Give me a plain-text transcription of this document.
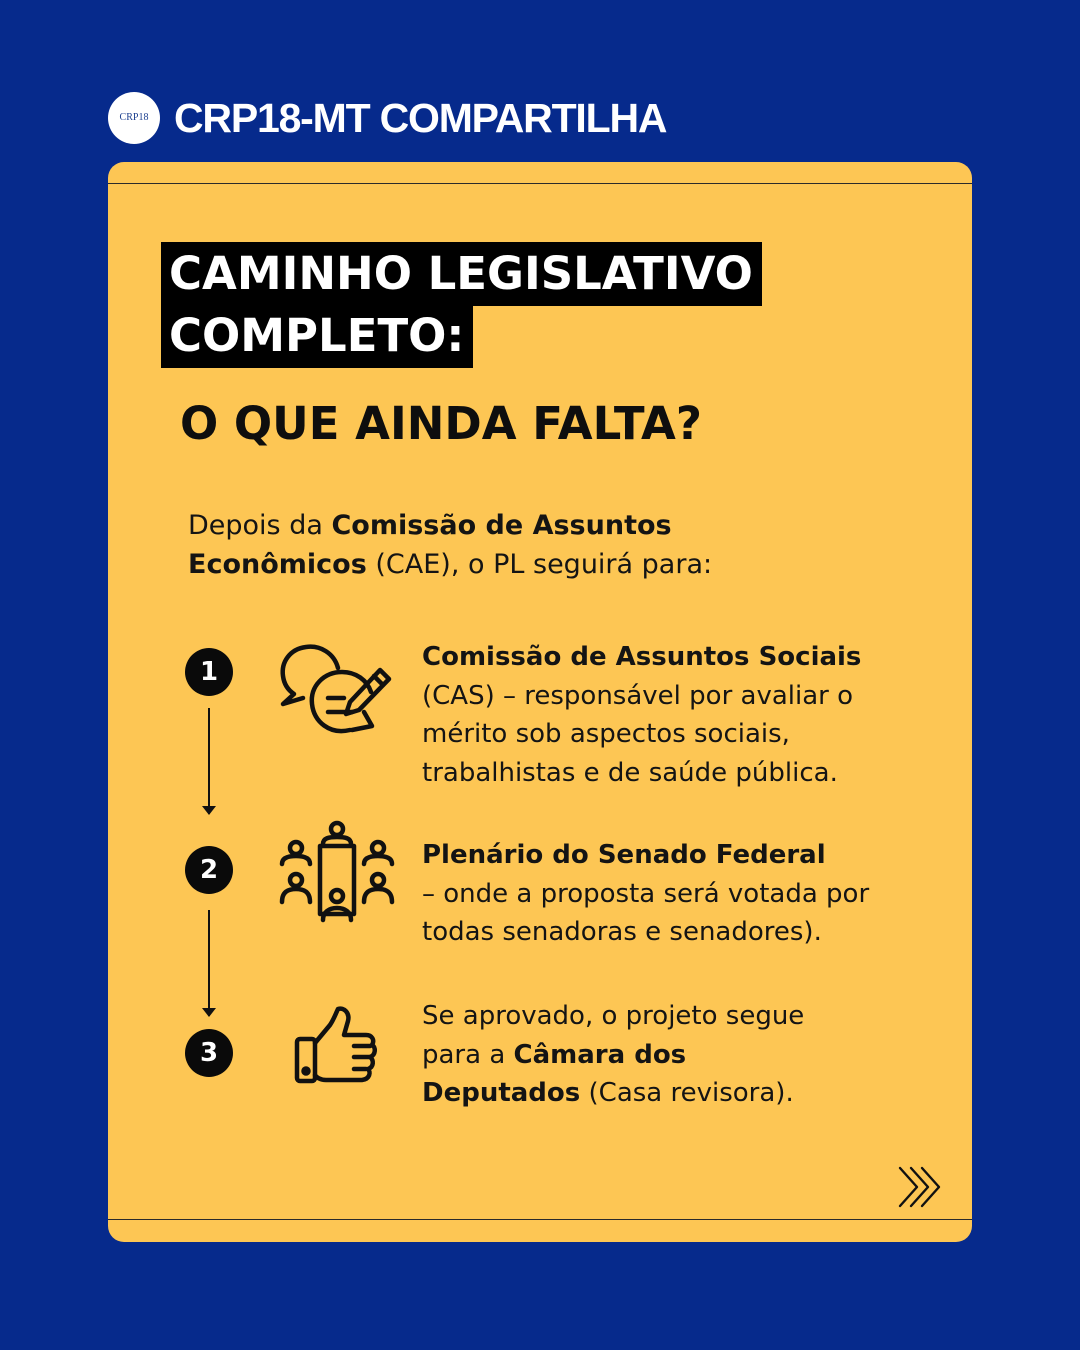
CRP18 CRP18-MT COMPARTILHA
CAMINHO LEGISLATIVO
COMPLETO:
O QUE AINDA FALTA?
Depois da Comissão de Assuntos Econômicos (CAE), o PL seguirá para:
1	Comissão de Assuntos Sociais
(CAS) – responsável por avaliar o mérito sob aspectos sociais, trabalhistas e de saúde pública.
2	Plenário do Senado Federal
– onde a proposta será votada por todas senadoras e senadores).
3
Se aprovado, o projeto segue para a Câmara dos Deputados (Casa revisora).
